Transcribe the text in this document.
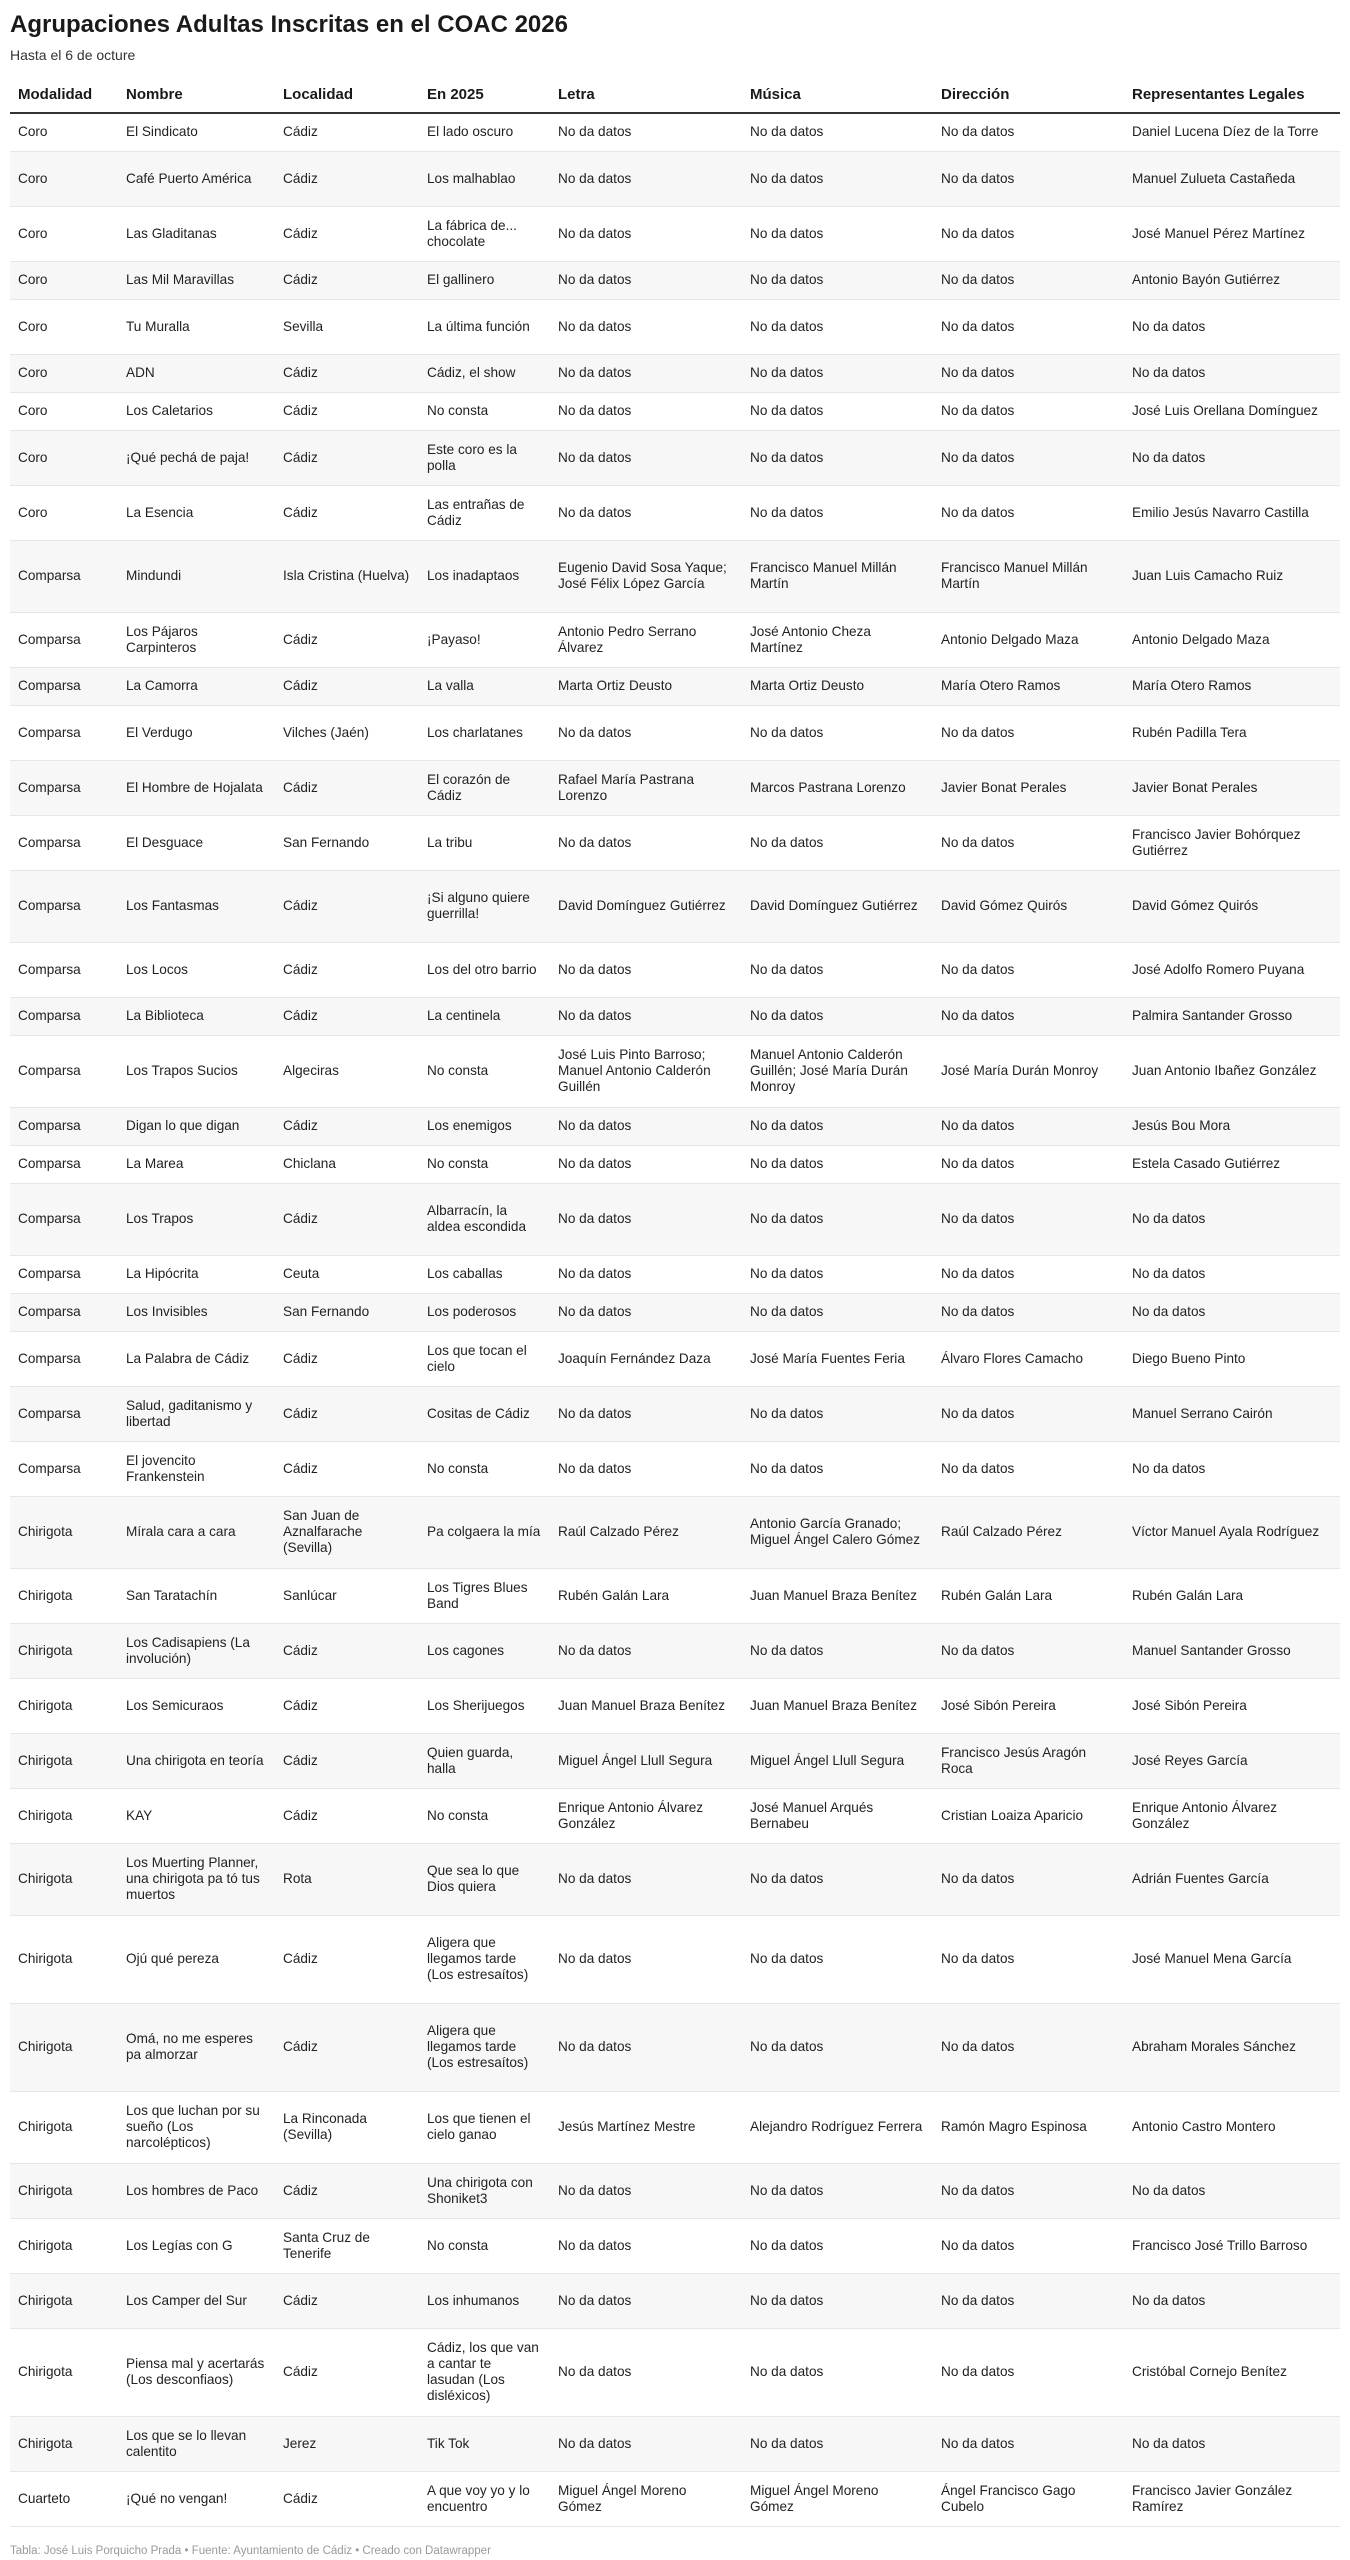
Agrupaciones Adultas Inscritas en el COAC 2026
Hasta el 6 de octure
Modalidad	Nombre	Localidad	En 2025	Letra	Música	Dirección	Representantes Legales
Coro	El Sindicato	Cádiz	El lado oscuro	No da datos	No da datos	No da datos	Daniel Lucena Díez de la Torre
Coro	Café Puerto América	Cádiz	Los malhablao	No da datos	No da datos	No da datos	Manuel Zulueta Castañeda
Coro	Las Gladitanas	Cádiz	La fábrica de... chocolate	No da datos	No da datos	No da datos	José Manuel Pérez Martínez
Coro	Las Mil Maravillas	Cádiz	El gallinero	No da datos	No da datos	No da datos	Antonio Bayón Gutiérrez
Coro	Tu Muralla	Sevilla	La última función	No da datos	No da datos	No da datos	No da datos
Coro	ADN	Cádiz	Cádiz, el show	No da datos	No da datos	No da datos	No da datos
Coro	Los Caletarios	Cádiz	No consta	No da datos	No da datos	No da datos	José Luis Orellana Domínguez
Coro	¡Qué pechá de paja!	Cádiz	Este coro es la polla	No da datos	No da datos	No da datos	No da datos
Coro	La Esencia	Cádiz	Las entrañas de Cádiz	No da datos	No da datos	No da datos	Emilio Jesús Navarro Castilla
Comparsa	Mindundi	Isla Cristina (Huelva)	Los inadaptaos	Eugenio David Sosa Yaque; José Félix López García	Francisco Manuel Millán Martín	Francisco Manuel Millán Martín	Juan Luis Camacho Ruiz
Comparsa	Los Pájaros Carpinteros	Cádiz	¡Payaso!	Antonio Pedro Serrano Álvarez	José Antonio Cheza Martínez	Antonio Delgado Maza	Antonio Delgado Maza
Comparsa	La Camorra	Cádiz	La valla	Marta Ortiz Deusto	Marta Ortiz Deusto	María Otero Ramos	María Otero Ramos
Comparsa	El Verdugo	Vilches (Jaén)	Los charlatanes	No da datos	No da datos	No da datos	Rubén Padilla Tera
Comparsa	El Hombre de Hojalata	Cádiz	El corazón de Cádiz	Rafael María Pastrana Lorenzo	Marcos Pastrana Lorenzo	Javier Bonat Perales	Javier Bonat Perales
Comparsa	El Desguace	San Fernando	La tribu	No da datos	No da datos	No da datos	Francisco Javier Bohórquez Gutiérrez
Comparsa	Los Fantasmas	Cádiz	¡Si alguno quiere guerrilla!	David Domínguez Gutiérrez	David Domínguez Gutiérrez	David Gómez Quirós	David Gómez Quirós
Comparsa	Los Locos	Cádiz	Los del otro barrio	No da datos	No da datos	No da datos	José Adolfo Romero Puyana
Comparsa	La Biblioteca	Cádiz	La centinela	No da datos	No da datos	No da datos	Palmira Santander Grosso
Comparsa	Los Trapos Sucios	Algeciras	No consta	José Luis Pinto Barroso; Manuel Antonio Calderón Guillén	Manuel Antonio Calderón Guillén; José María Durán Monroy	José María Durán Monroy	Juan Antonio Ibañez González
Comparsa	Digan lo que digan	Cádiz	Los enemigos	No da datos	No da datos	No da datos	Jesús Bou Mora
Comparsa	La Marea	Chiclana	No consta	No da datos	No da datos	No da datos	Estela Casado Gutiérrez
Comparsa	Los Trapos	Cádiz	Albarracín, la aldea escondida	No da datos	No da datos	No da datos	No da datos
Comparsa	La Hipócrita	Ceuta	Los caballas	No da datos	No da datos	No da datos	No da datos
Comparsa	Los Invisibles	San Fernando	Los poderosos	No da datos	No da datos	No da datos	No da datos
Comparsa	La Palabra de Cádiz	Cádiz	Los que tocan el cielo	Joaquín Fernández Daza	José María Fuentes Feria	Álvaro Flores Camacho	Diego Bueno Pinto
Comparsa	Salud, gaditanismo y libertad	Cádiz	Cositas de Cádiz	No da datos	No da datos	No da datos	Manuel Serrano Cairón
Comparsa	El jovencito Frankenstein	Cádiz	No consta	No da datos	No da datos	No da datos	No da datos
Chirigota	Mírala cara a cara	San Juan de Aznalfarache (Sevilla)	Pa colgaera la mía	Raúl Calzado Pérez	Antonio García Granado; Miguel Ángel Calero Gómez	Raúl Calzado Pérez	Víctor Manuel Ayala Rodríguez
Chirigota	San Taratachín	Sanlúcar	Los Tigres Blues Band	Rubén Galán Lara	Juan Manuel Braza Benítez	Rubén Galán Lara	Rubén Galán Lara
Chirigota	Los Cadisapiens (La involución)	Cádiz	Los cagones	No da datos	No da datos	No da datos	Manuel Santander Grosso
Chirigota	Los Semicuraos	Cádiz	Los Sherijuegos	Juan Manuel Braza Benítez	Juan Manuel Braza Benítez	José Sibón Pereira	José Sibón Pereira
Chirigota	Una chirigota en teoría	Cádiz	Quien guarda, halla	Miguel Ángel Llull Segura	Miguel Ángel Llull Segura	Francisco Jesús Aragón Roca	José Reyes García
Chirigota	KAY	Cádiz	No consta	Enrique Antonio Álvarez González	José Manuel Arqués Bernabeu	Cristian Loaiza Aparicio	Enrique Antonio Álvarez González
Chirigota	Los Muerting Planner, una chirigota pa tó tus muertos	Rota	Que sea lo que Dios quiera	No da datos	No da datos	No da datos	Adrián Fuentes García
Chirigota	Ojú qué pereza	Cádiz	Aligera que llegamos tarde (Los estresaítos)	No da datos	No da datos	No da datos	José Manuel Mena García
Chirigota	Omá, no me esperes pa almorzar	Cádiz	Aligera que llegamos tarde (Los estresaítos)	No da datos	No da datos	No da datos	Abraham Morales Sánchez
Chirigota	Los que luchan por su sueño (Los narcolépticos)	La Rinconada (Sevilla)	Los que tienen el cielo ganao	Jesús Martínez Mestre	Alejandro Rodríguez Ferrera	Ramón Magro Espinosa	Antonio Castro Montero
Chirigota	Los hombres de Paco	Cádiz	Una chirigota con Shoniket3	No da datos	No da datos	No da datos	No da datos
Chirigota	Los Legías con G	Santa Cruz de Tenerife	No consta	No da datos	No da datos	No da datos	Francisco José Trillo Barroso
Chirigota	Los Camper del Sur	Cádiz	Los inhumanos	No da datos	No da datos	No da datos	No da datos
Chirigota	Piensa mal y acertarás (Los desconfiaos)	Cádiz	Cádiz, los que van a cantar te lasudan (Los disléxicos)	No da datos	No da datos	No da datos	Cristóbal Cornejo Benítez
Chirigota	Los que se lo llevan calentito	Jerez	Tik Tok	No da datos	No da datos	No da datos	No da datos
Cuarteto	¡Qué no vengan!	Cádiz	A que voy yo y lo encuentro	Miguel Ángel Moreno Gómez	Miguel Ángel Moreno Gómez	Ángel Francisco Gago Cubelo	Francisco Javier González Ramírez
Tabla: José Luis Porquicho Prada • Fuente: Ayuntamiento de Cádiz • Creado con Datawrapper
